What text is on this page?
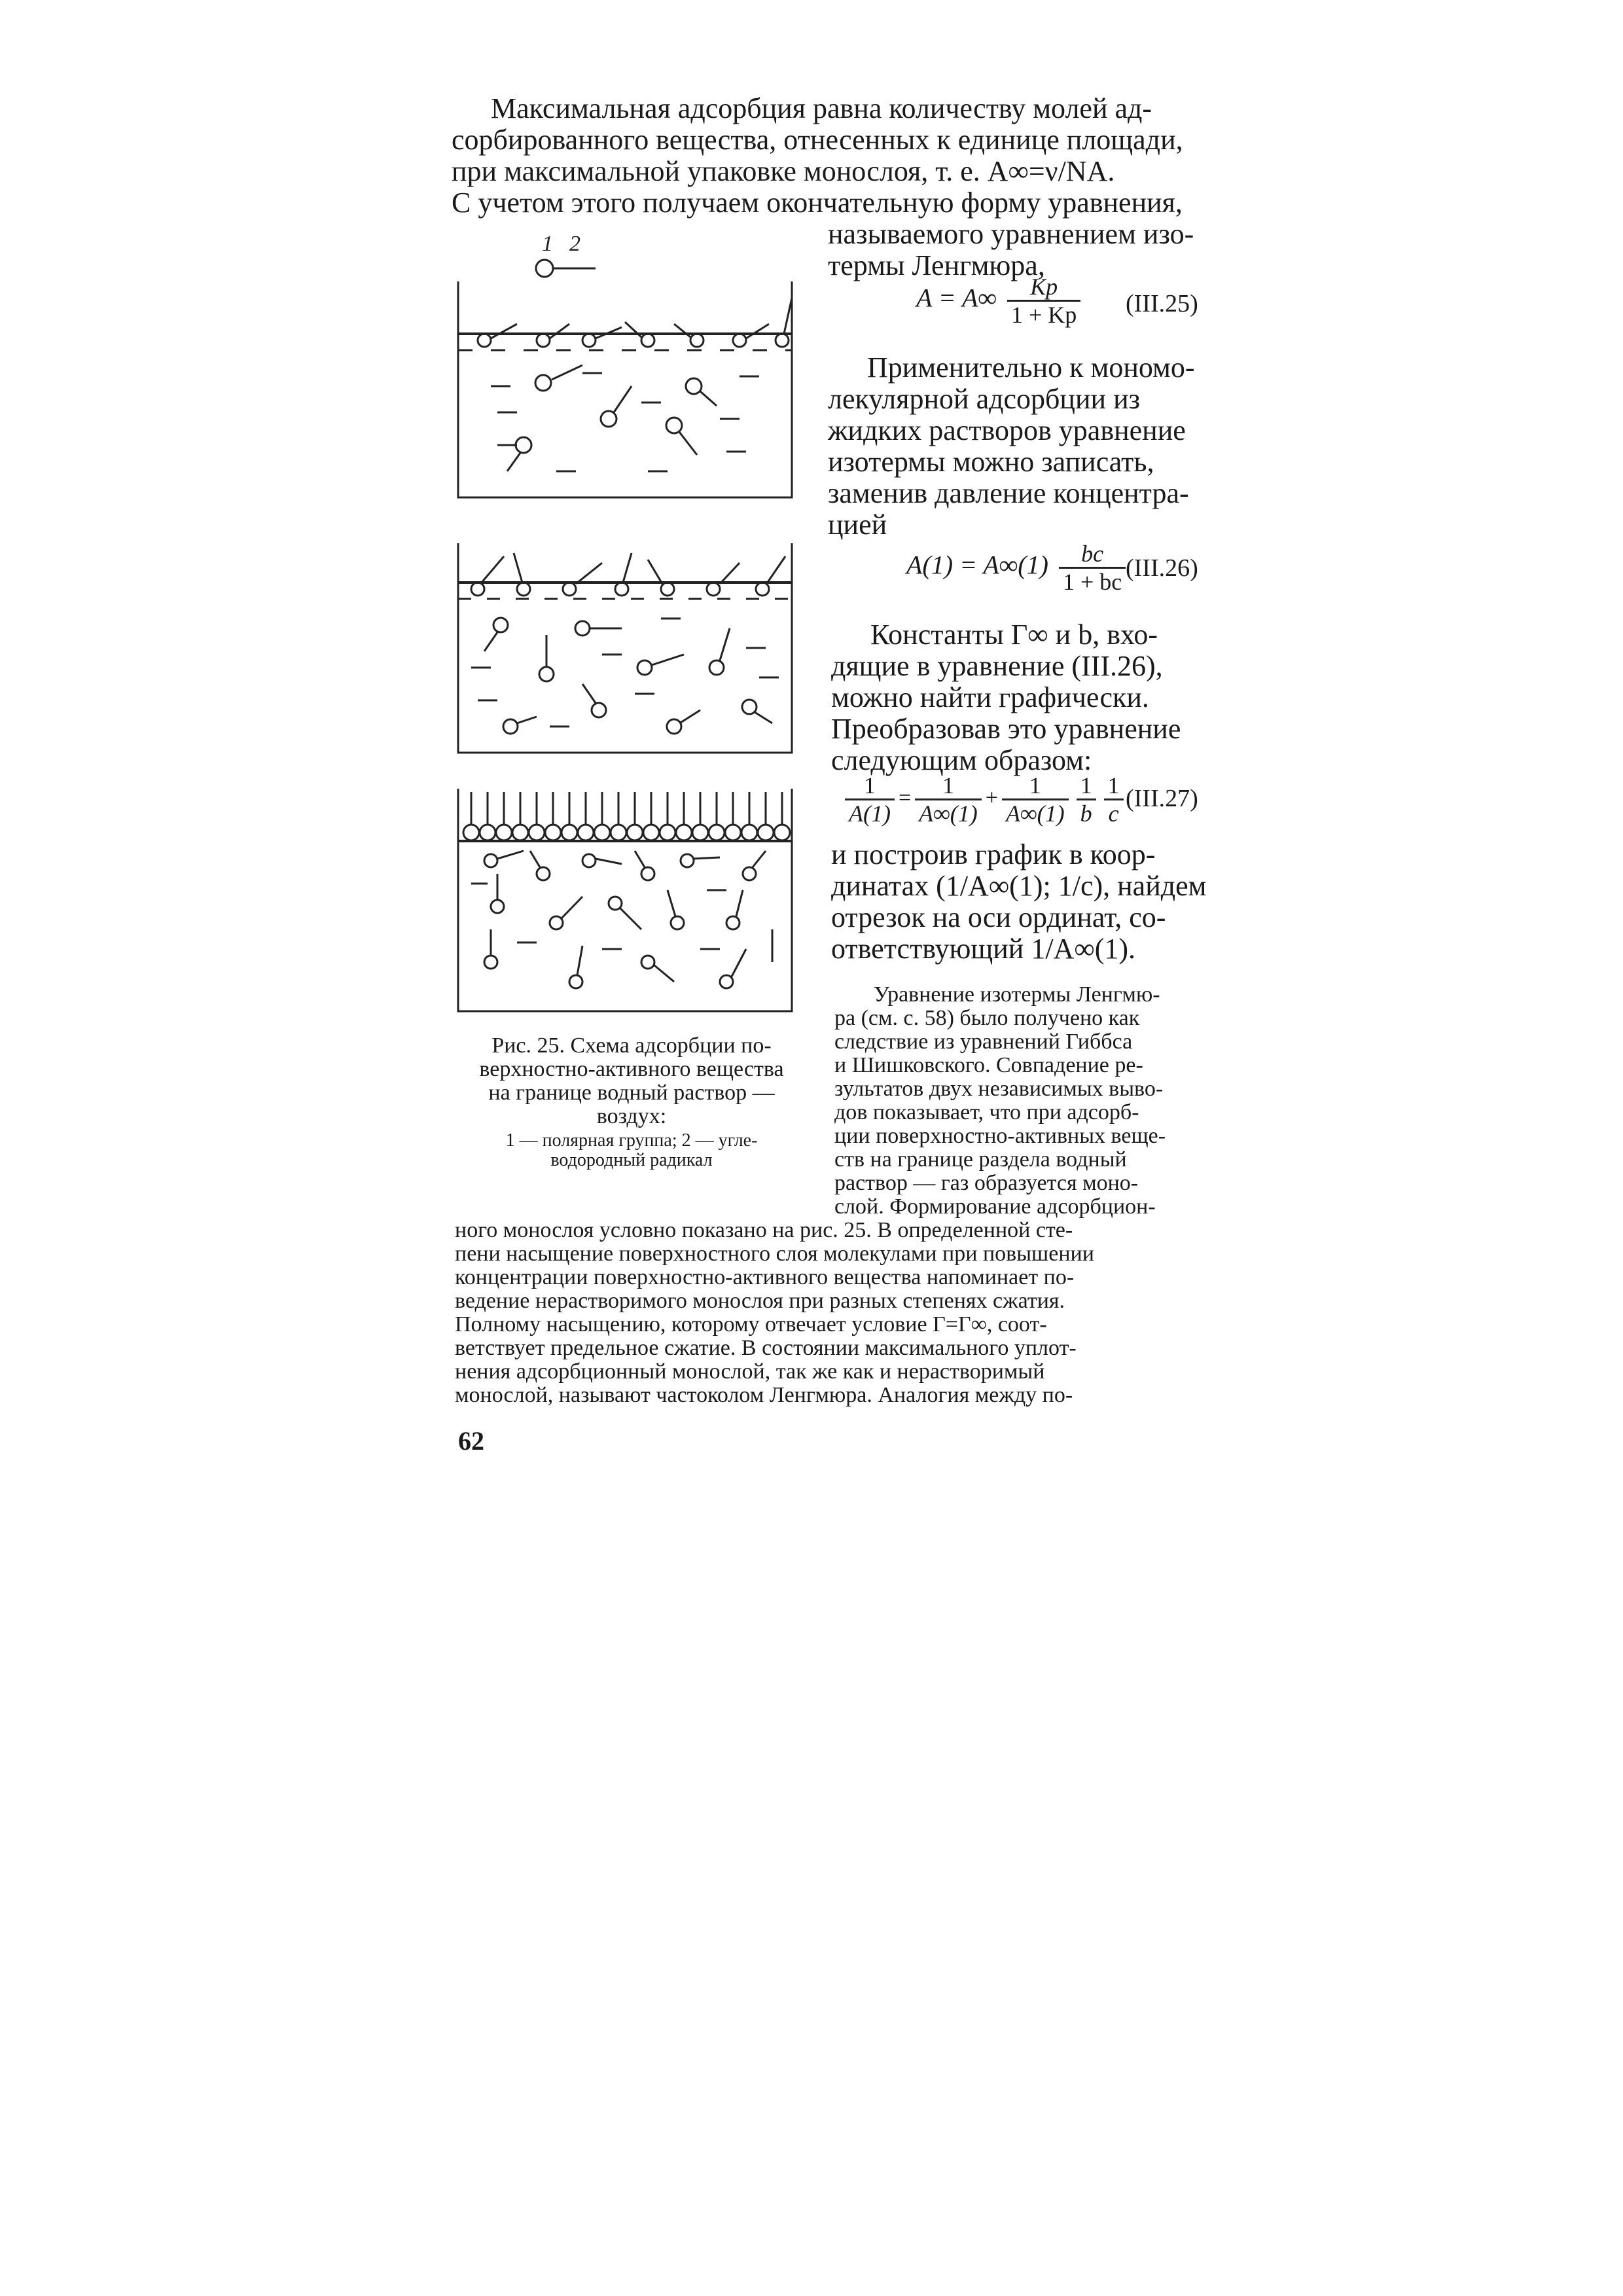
Максимальная адсорбция равна количеству молей ад-
сорбированного вещества, отнесенных к единице площади,
при максимальной упаковке монослоя, т. е. A∞=ν/NA.
С учетом этого получаем окончательную форму уравнения,
называемого уравнением изо-
термы Ленгмюра,
$A = A\infty \frac{Kp}{1 + Kp} (III.25)$
Применительно к мономо-
лекулярной адсорбции из
жидких растворов уравнение
изотермы можно записать,
заменив давление концентра-
цией
$A(1) = A\infty(1) \frac{bc}{1 + bc} (III.26)$
Константы Г∞ и b, вхо-
дящие в уравнение (III.26),
можно найти графически.
Преобразовав это уравнение
следующим образом:
$\frac{1}{A(1)} = \frac{1}{A\infty(1)} + \frac{1}{A\infty(1)} \frac{1}{b} \frac{1}{c} (III.27)$
и построив график в коор-
динатах (1/A∞(1); 1/c), найдем
отрезок на оси ординат, со-
ответствующий 1/A∞(1).
Уравнение изотермы Ленгмю-
ра (см. с. 58) было получено как
следствие из уравнений Гиббса
и Шишковского. Совпадение ре-
зультатов двух независимых выво-
дов показывает, что при адсорб-
ции поверхностно-активных веще-
ств на границе раздела водный
раствор — газ образуется моно-
слой. Формирование адсорбцион-
ного монослоя условно показано на рис. 25. В определенной сте-
пени насыщение поверхностного слоя молекулами при повышении
концентрации поверхностно-активного вещества напоминает по-
ведение нерастворимого монослоя при разных степенях сжатия.
Полному насыщению, которому отвечает условие Г=Г∞, соот-
ветствует предельное сжатие. В состоянии максимального уплот-
нения адсорбционный монослой, так же как и нерастворимый
монослой, называют частоколом Ленгмюра. Аналогия между по-
62
1 2
Рис. 25. Схема адсорбции по-
верхностно-активного вещества
на границе водный раствор —
воздух:
1 — полярная группа; 2 — угле-
водородный радикал
